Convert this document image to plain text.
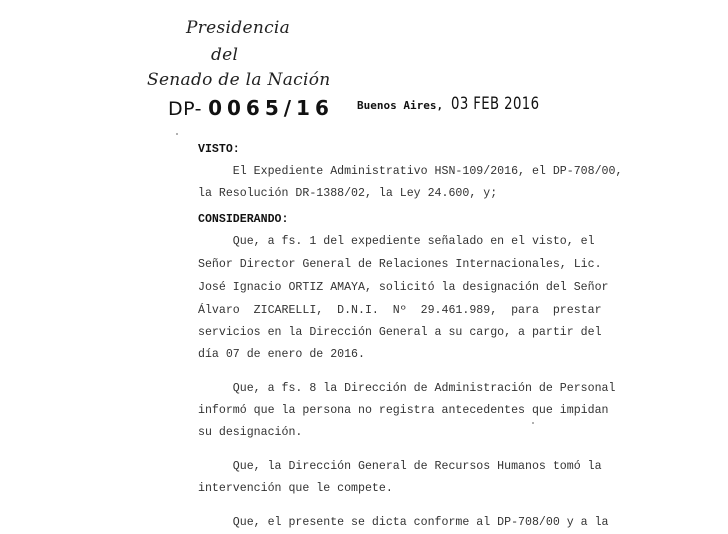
Presidencia
del
Senado de la Nación
DP- 0065/16 Buenos Aires, 03 FEB 2016
VISTO:
El Expediente Administrativo HSN-109/2016, el DP-708/00,
la Resolución DR-1388/02, la Ley 24.600, y;
CONSIDERANDO:
Que, a fs. 1 del expediente señalado en el visto, el
Señor Director General de Relaciones Internacionales, Lic.
José Ignacio ORTIZ AMAYA, solicitó la designación del Señor
Álvaro  ZICARELLI,  D.N.I.  Nº  29.461.989,  para  prestar
servicios en la Dirección General a su cargo, a partir del
día 07 de enero de 2016.
Que, a fs. 8 la Dirección de Administración de Personal
informó que la persona no registra antecedentes que impidan
su designación.
Que, la Dirección General de Recursos Humanos tomó la
intervención que le compete.
Que, el presente se dicta conforme al DP-708/00 y a la
